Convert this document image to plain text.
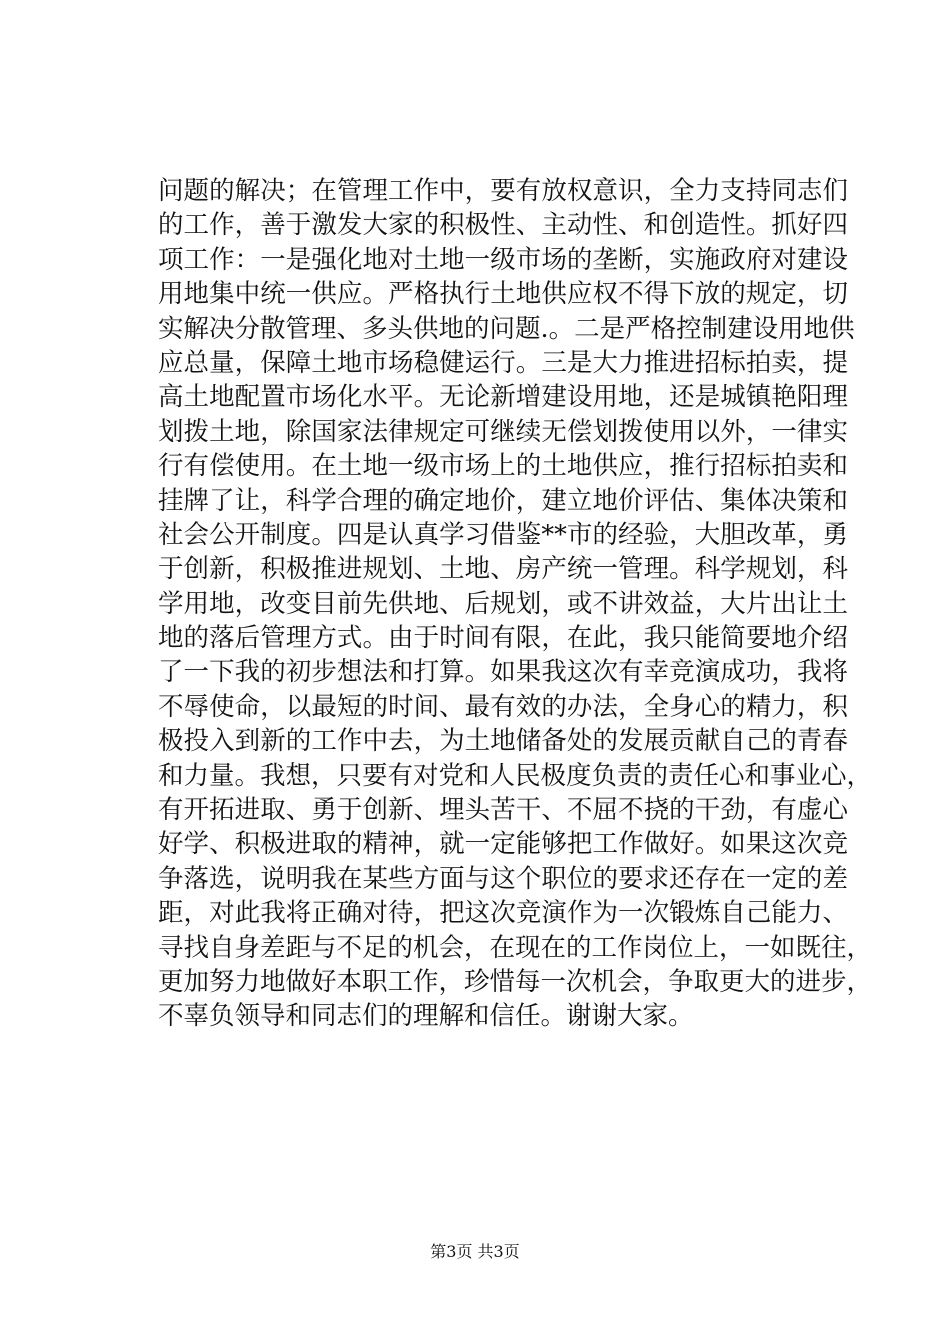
问题的解决；在管理工作中，要有放权意识，全力支持同志们
的工作，善于激发大家的积极性、主动性、和创造性。抓好四
项工作：一是强化地对土地一级市场的垄断，实施政府对建设
用地集中统一供应。严格执行土地供应权不得下放的规定，切
实解决分散管理、多头供地的问题.。二是严格控制建设用地供
应总量，保障土地市场稳健运行。三是大力推进招标拍卖，提
高土地配置市场化水平。无论新增建设用地，还是城镇艳阳理
划拨土地，除国家法律规定可继续无偿划拨使用以外，一律实
行有偿使用。在土地一级市场上的土地供应，推行招标拍卖和
挂牌了让，科学合理的确定地价，建立地价评估、集体决策和
社会公开制度。四是认真学习借鉴**市的经验，大胆改革，勇
于创新，积极推进规划、土地、房产统一管理。科学规划，科
学用地，改变目前先供地、后规划，或不讲效益，大片出让土
地的落后管理方式。由于时间有限，在此，我只能简要地介绍
了一下我的初步想法和打算。如果我这次有幸竞演成功，我将
不辱使命，以最短的时间、最有效的办法，全身心的精力，积
极投入到新的工作中去，为土地储备处的发展贡献自己的青春
和力量。我想，只要有对党和人民极度负责的责任心和事业心，
有开拓进取、勇于创新、埋头苦干、不屈不挠的干劲，有虚心
好学、积极进取的精神，就一定能够把工作做好。如果这次竞
争落选，说明我在某些方面与这个职位的要求还存在一定的差
距，对此我将正确对待，把这次竞演作为一次锻炼自己能力、
寻找自身差距与不足的机会，在现在的工作岗位上，一如既往，
更加努力地做好本职工作，珍惜每一次机会，争取更大的进步，
不辜负领导和同志们的理解和信任。谢谢大家。
第3页 共3页
